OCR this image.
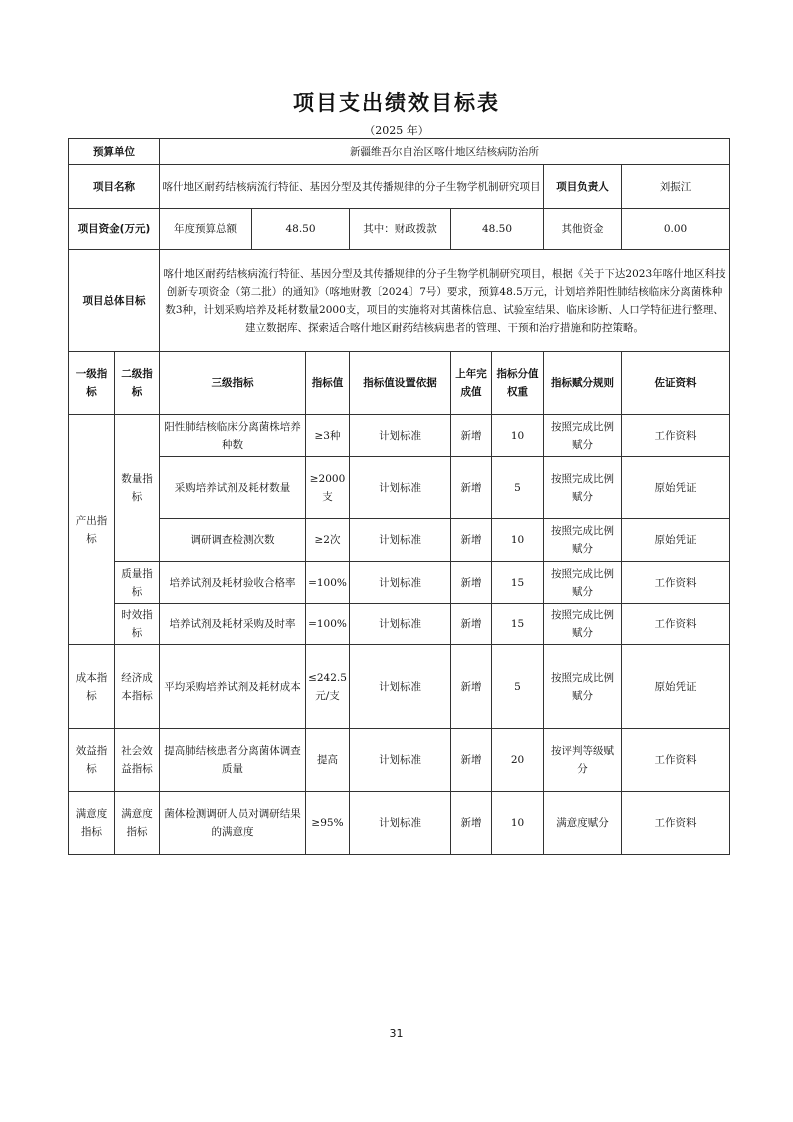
项目支出绩效目标表
（2025 年）
预算单位		新疆维吾尔自治区喀什地区结核病防治所							
项目名称		喀什地区耐药结核病流行特征、基因分型及其传播规律的分子生物学机制研究项目						项目负责人	刘振江
项目资金(万元)		年度预算总额	48.50		其中：财政拨款	48.50		其他资金	0.00
项目总体目标		喀什地区耐药结核病流行特征、基因分型及其传播规律的分子生物学机制研究项目，根据《关于下达2023年喀什地区科技创新专项资金（第二批）的通知》（喀地财教〔2024〕7号）要求，预算48.5万元，计划培养阳性肺结核临床分离菌株种数3种，计划采购培养及耗材数量2000支，项目的实施将对其菌株信息、试验室结果、临床诊断、人口学特征进行整理、建立数据库、探索适合喀什地区耐药结核病患者的管理、干预和治疗措施和防控策略。							
一级指标	二级指标	三级指标		指标值	指标值设置依据	上年完成值	指标分值权重	指标赋分规则	佐证资料
产出指标	数量指标	阳性肺结核临床分离菌株培养种数		≥3种	计划标准	新增	10	按照完成比例赋分	工作资料
		采购培养试剂及耗材数量		≥2000支	计划标准	新增	5	按照完成比例赋分	原始凭证
		调研调查检测次数		≥2次	计划标准	新增	10	按照完成比例赋分	原始凭证
	质量指标	培养试剂及耗材验收合格率		=100%	计划标准	新增	15	按照完成比例赋分	工作资料
	时效指标	培养试剂及耗材采购及时率		=100%	计划标准	新增	15	按照完成比例赋分	工作资料
成本指标	经济成本指标	平均采购培养试剂及耗材成本		≤242.5元/支	计划标准	新增	5	按照完成比例赋分	原始凭证
效益指标	社会效益指标	提高肺结核患者分离菌体调查质量		提高	计划标准	新增	20	按评判等级赋分	工作资料
满意度指标	满意度指标	菌体检测调研人员对调研结果的满意度		≥95%	计划标准	新增	10	满意度赋分	工作资料
31
